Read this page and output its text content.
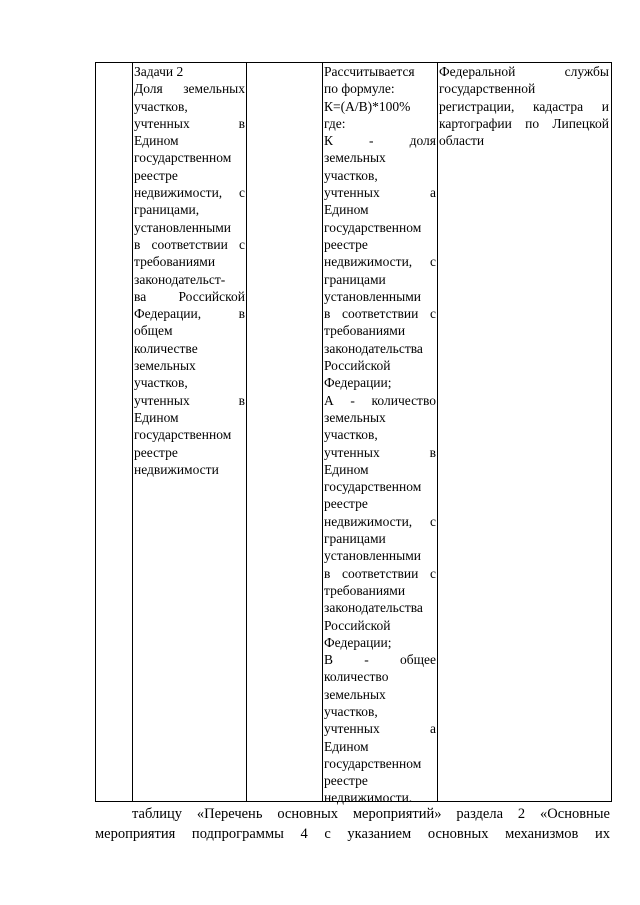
Задачи 2
Доля земельных
участков,
учтенных в
Едином
государственном
реестре
недвижимости, с
границами,
установленными
в соответствии с
требованиями
законодательст-
ва Российской
Федерации, в
общем
количестве
земельных
участков,
учтенных в
Едином
государственном
реестре
недвижимости
Рассчитывается
по формуле:
К=(А/В)*100%
где:
К - доля
земельных
участков,
учтенных а
Едином
государственном
реестре
недвижимости, с
границами
установленными
в соответствии с
требованиями
законодательства
Российской
Федерации;
А - количество
земельных
участков,
учтенных в
Едином
государственном
реестре
недвижимости, с
границами
установленными
в соответствии с
требованиями
законодательства
Российской
Федерации;
В - общее
количество
земельных
участков,
учтенных а
Едином
государственном
реестре
недвижимости.
Федеральной службы
государственной
регистрации, кадастра и
картографии по Липецкой
области
таблицу «Перечень основных мероприятий» раздела 2 «Основные
мероприятия подпрограммы 4 с указанием основных механизмов их
